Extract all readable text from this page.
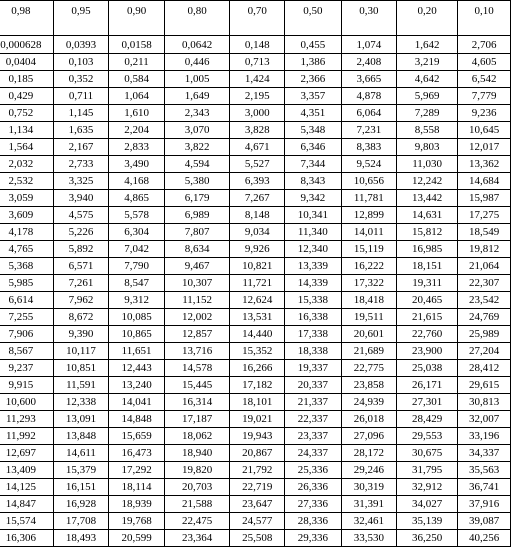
0,98	0,95	0,90	0,80	0,70	0,50	0,30	0,20	0,10
0,000628	0,0393	0,0158	0,0642	0,148	0,455	1,074	1,642	2,706
0,0404	0,103	0,211	0,446	0,713	1,386	2,408	3,219	4,605
0,185	0,352	0,584	1,005	1,424	2,366	3,665	4,642	6,542
0,429	0,711	1,064	1,649	2,195	3,357	4,878	5,969	7,779
0,752	1,145	1,610	2,343	3,000	4,351	6,064	7,289	9,236
1,134	1,635	2,204	3,070	3,828	5,348	7,231	8,558	10,645
1,564	2,167	2,833	3,822	4,671	6,346	8,383	9,803	12,017
2,032	2,733	3,490	4,594	5,527	7,344	9,524	11,030	13,362
2,532	3,325	4,168	5,380	6,393	8,343	10,656	12,242	14,684
3,059	3,940	4,865	6,179	7,267	9,342	11,781	13,442	15,987
3,609	4,575	5,578	6,989	8,148	10,341	12,899	14,631	17,275
4,178	5,226	6,304	7,807	9,034	11,340	14,011	15,812	18,549
4,765	5,892	7,042	8,634	9,926	12,340	15,119	16,985	19,812
5,368	6,571	7,790	9,467	10,821	13,339	16,222	18,151	21,064
5,985	7,261	8,547	10,307	11,721	14,339	17,322	19,311	22,307
6,614	7,962	9,312	11,152	12,624	15,338	18,418	20,465	23,542
7,255	8,672	10,085	12,002	13,531	16,338	19,511	21,615	24,769
7,906	9,390	10,865	12,857	14,440	17,338	20,601	22,760	25,989
8,567	10,117	11,651	13,716	15,352	18,338	21,689	23,900	27,204
9,237	10,851	12,443	14,578	16,266	19,337	22,775	25,038	28,412
9,915	11,591	13,240	15,445	17,182	20,337	23,858	26,171	29,615
10,600	12,338	14,041	16,314	18,101	21,337	24,939	27,301	30,813
11,293	13,091	14,848	17,187	19,021	22,337	26,018	28,429	32,007
11,992	13,848	15,659	18,062	19,943	23,337	27,096	29,553	33,196
12,697	14,611	16,473	18,940	20,867	24,337	28,172	30,675	34,337
13,409	15,379	17,292	19,820	21,792	25,336	29,246	31,795	35,563
14,125	16,151	18,114	20,703	22,719	26,336	30,319	32,912	36,741
14,847	16,928	18,939	21,588	23,647	27,336	31,391	34,027	37,916
15,574	17,708	19,768	22,475	24,577	28,336	32,461	35,139	39,087
16,306	18,493	20,599	23,364	25,508	29,336	33,530	36,250	40,256
